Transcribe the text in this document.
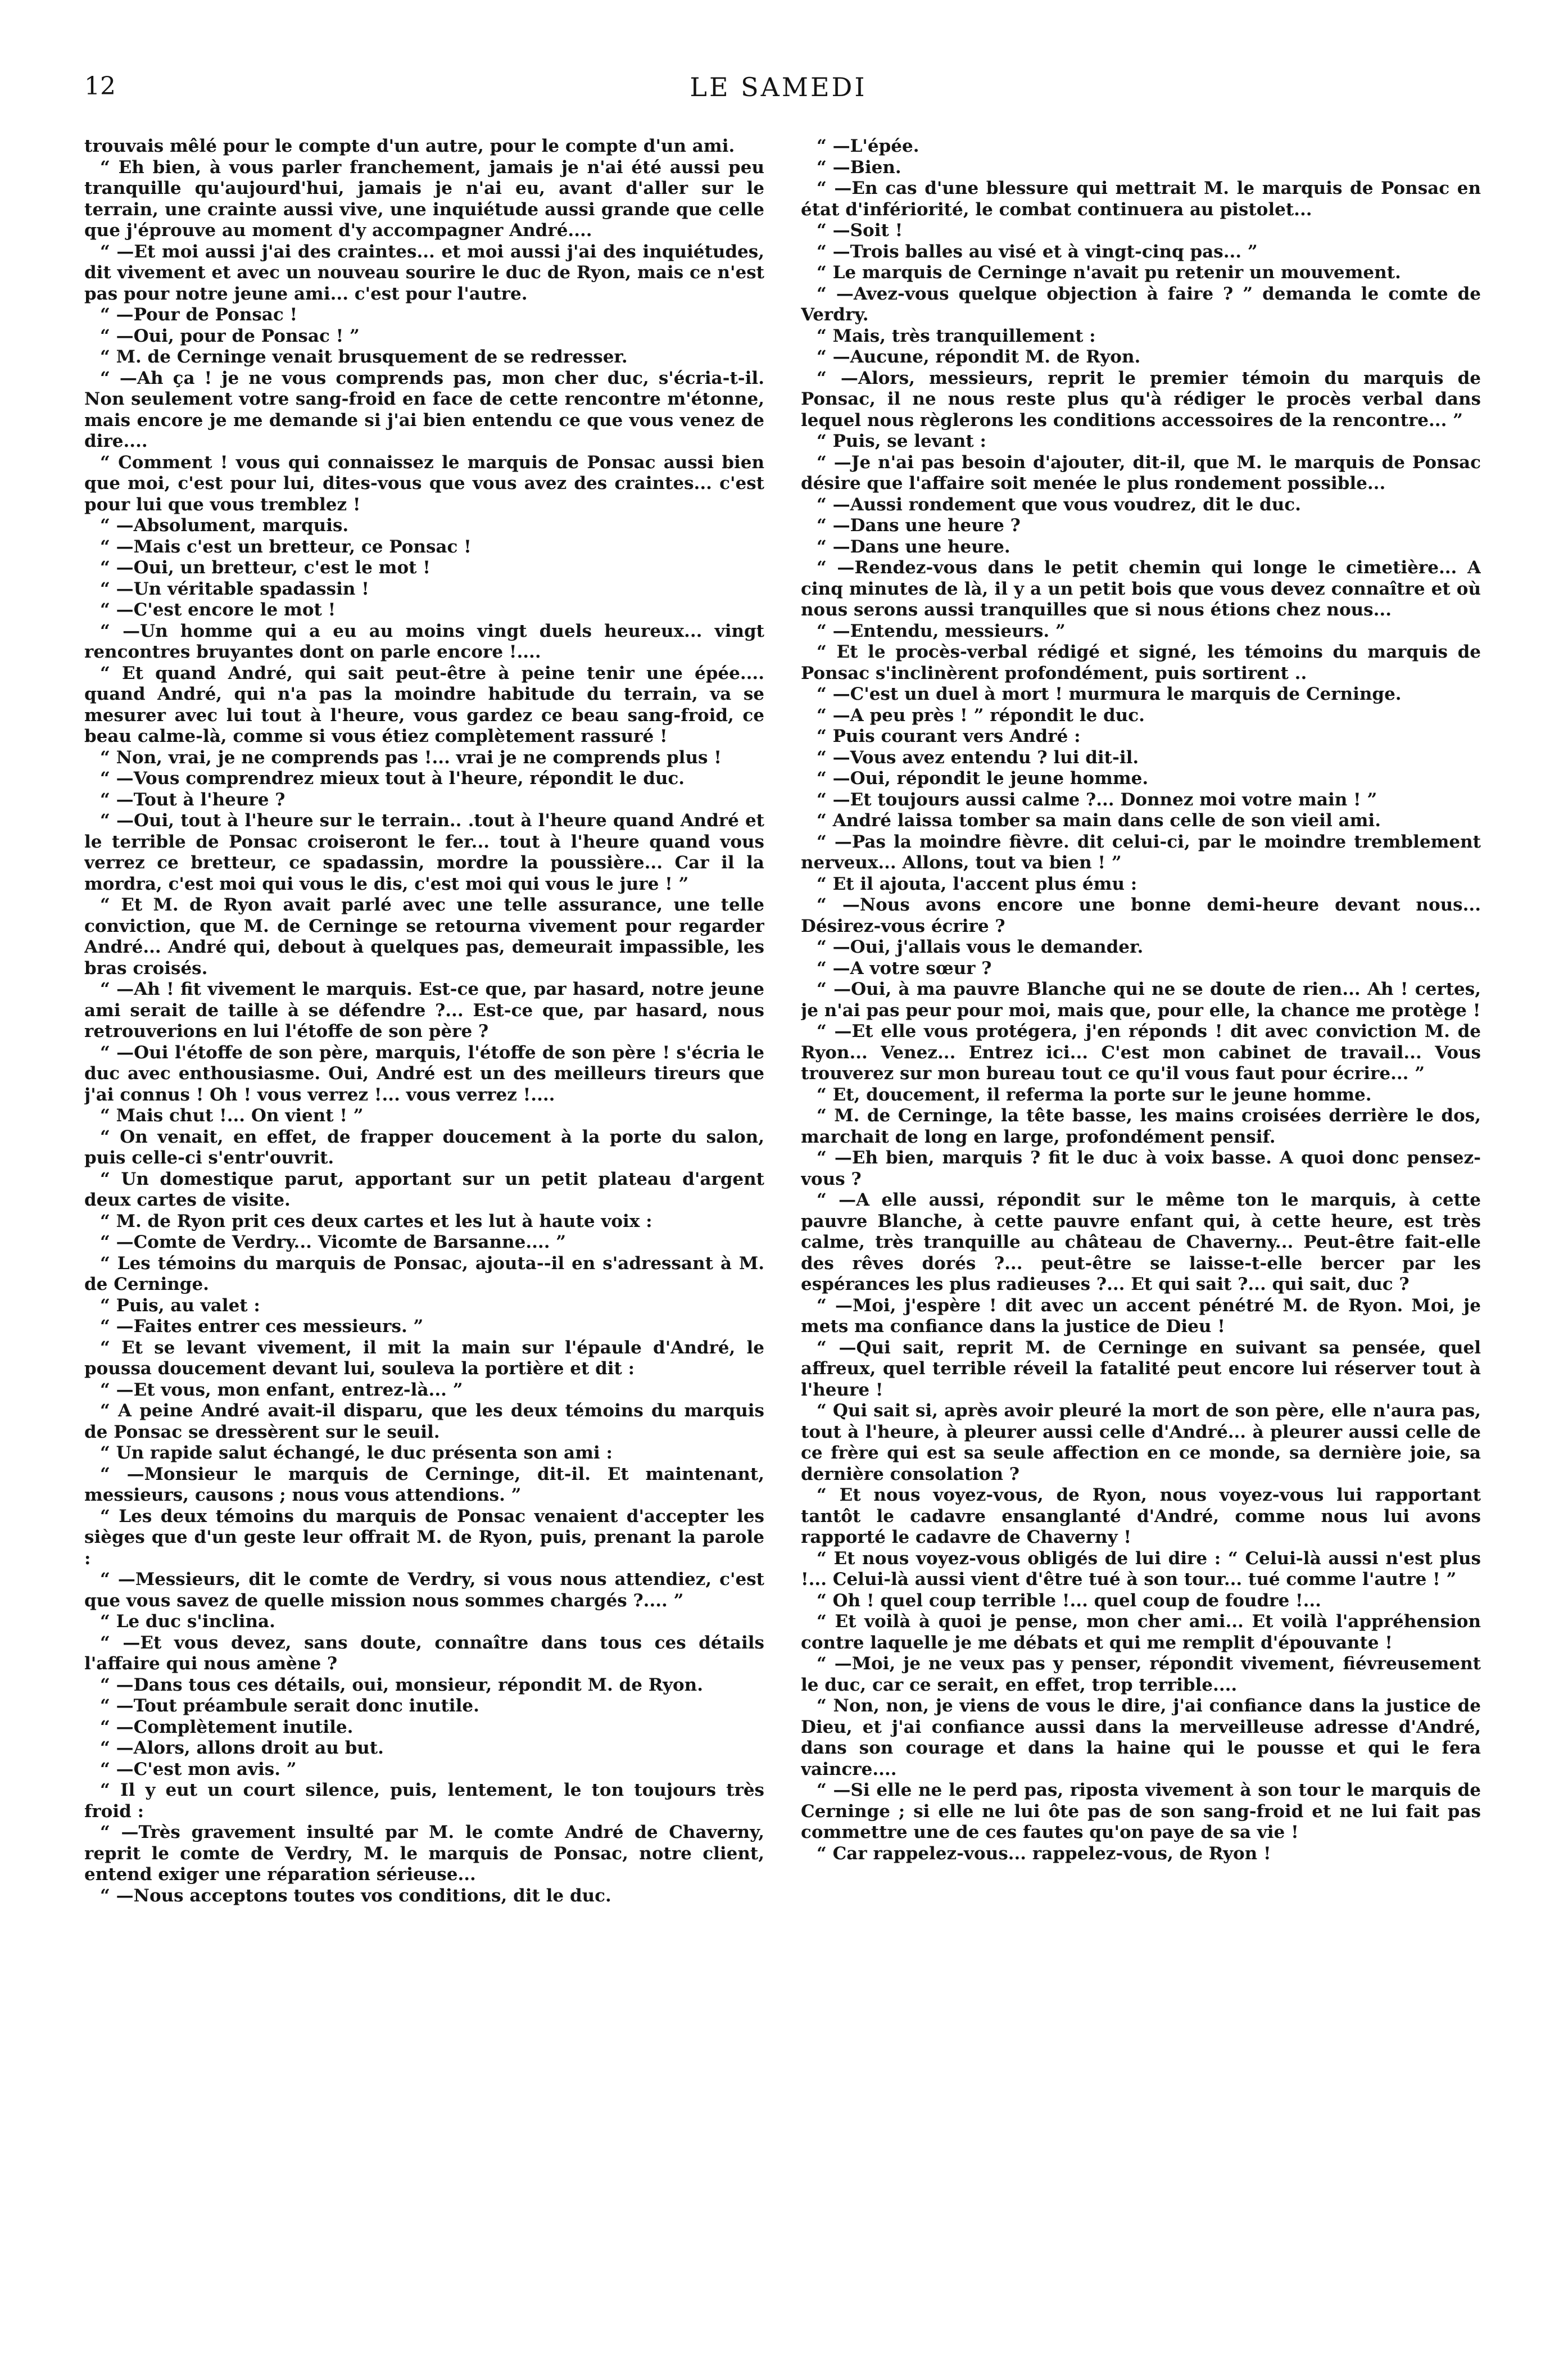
12	LE SAMEDI

trouvais mêlé pour le compte d'un autre, pour le compte d'un ami.

“ Eh bien, à vous parler franchement, jamais je n'ai été aussi peu tranquille qu'aujourd'hui, jamais je n'ai eu, avant d'aller sur le terrain, une crainte aussi vive, une inquiétude aussi grande que celle que j'éprouve au moment d'y accompagner André....

“ —Et moi aussi j'ai des craintes... et moi aussi j'ai des inquiétudes, dit vivement et avec un nouveau sourire le duc de Ryon, mais ce n'est pas pour notre jeune ami... c'est pour l'autre.

“ —Pour de Ponsac !

“ —Oui, pour de Ponsac ! ”

“ M. de Cerninge venait brusquement de se redresser.

“ —Ah ça ! je ne vous comprends pas, mon cher duc, s'écria-t-il. Non seulement votre sang-froid en face de cette rencontre m'étonne, mais encore je me demande si j'ai bien entendu ce que vous venez de dire....

“ Comment ! vous qui connaissez le marquis de Ponsac aussi bien que moi, c'est pour lui, dites-vous que vous avez des craintes... c'est pour lui que vous tremblez !

“ —Absolument, marquis.

“ —Mais c'est un bretteur, ce Ponsac !

“ —Oui, un bretteur, c'est le mot !

“ —Un véritable spadassin !

“ —C'est encore le mot !

“ —Un homme qui a eu au moins vingt duels heureux... vingt rencontres bruyantes dont on parle encore !....

“ Et quand André, qui sait peut-être à peine tenir une épée.... quand André, qui n'a pas la moindre habitude du terrain, va se mesurer avec lui tout à l'heure, vous gardez ce beau sang-froid, ce beau calme-là, comme si vous étiez complètement rassuré !

“ Non, vrai, je ne comprends pas !... vrai je ne comprends plus !

“ —Vous comprendrez mieux tout à l'heure, répondit le duc.

“ —Tout à l'heure ?

“ —Oui, tout à l'heure sur le terrain.. .tout à l'heure quand André et le terrible de Ponsac croiseront le fer... tout à l'heure quand vous verrez ce bretteur, ce spadassin, mordre la poussière... Car il la mordra, c'est moi qui vous le dis, c'est moi qui vous le jure ! ”

“ Et M. de Ryon avait parlé avec une telle assurance, une telle conviction, que M. de Cerninge se retourna vivement pour regarder André... André qui, debout à quelques pas, demeurait impassible, les bras croisés.

“ —Ah ! fit vivement le marquis. Est-ce que, par hasard, notre jeune ami serait de taille à se défendre ?... Est-ce que, par hasard, nous retrouverions en lui l'étoffe de son père ?

“ —Oui l'étoffe de son père, marquis, l'étoffe de son père ! s'écria le duc avec enthousiasme. Oui, André est un des meilleurs tireurs que j'ai connus ! Oh ! vous verrez !... vous verrez !....

“ Mais chut !... On vient ! ”

“ On venait, en effet, de frapper doucement à la porte du salon, puis celle-ci s'entr'ouvrit.

“ Un domestique parut, apportant sur un petit plateau d'argent deux cartes de visite.

“ M. de Ryon prit ces deux cartes et les lut à haute voix :

“ —Comte de Verdry... Vicomte de Barsanne.... ”

“ Les témoins du marquis de Ponsac, ajouta--il en s'adressant à M. de Cerninge.

“ Puis, au valet :

“ —Faites entrer ces messieurs. ”

“ Et se levant vivement, il mit la main sur l'épaule d'André, le poussa doucement devant lui, souleva la portière et dit :

“ —Et vous, mon enfant, entrez-là... ”

“ A peine André avait-il disparu, que les deux témoins du marquis de Ponsac se dressèrent sur le seuil.

“ Un rapide salut échangé, le duc présenta son ami :

“ —Monsieur le marquis de Cerninge, dit-il. Et maintenant, messieurs, causons ; nous vous attendions. ”

“ Les deux témoins du marquis de Ponsac venaient d'accepter les sièges que d'un geste leur offrait M. de Ryon, puis, prenant la parole :

“ —Messieurs, dit le comte de Verdry, si vous nous attendiez, c'est que vous savez de quelle mission nous sommes chargés ?.... ”

“ Le duc s'inclina.

“ —Et vous devez, sans doute, connaître dans tous ces détails l'affaire qui nous amène ?

“ —Dans tous ces détails, oui, monsieur, répondit M. de Ryon.

“ —Tout préambule serait donc inutile.

“ —Complètement inutile.

“ —Alors, allons droit au but.

“ —C'est mon avis. ”

“ Il y eut un court silence, puis, lentement, le ton toujours très froid :

“ —Très gravement insulté par M. le comte André de Chaverny, reprit le comte de Verdry, M. le marquis de Ponsac, notre client, entend exiger une réparation sérieuse...

“ —Nous acceptons toutes vos conditions, dit le duc.

“ —L'épée.

“ —Bien.

“ —En cas d'une blessure qui mettrait M. le marquis de Ponsac en état d'infériorité, le combat continuera au pistolet...

“ —Soit !

“ —Trois balles au visé et à vingt-cinq pas... ”

“ Le marquis de Cerninge n'avait pu retenir un mouvement.

“ —Avez-vous quelque objection à faire ? ” demanda le comte de Verdry.

“ Mais, très tranquillement :

“ —Aucune, répondit M. de Ryon.

“ —Alors, messieurs, reprit le premier témoin du marquis de Ponsac, il ne nous reste plus qu'à rédiger le procès verbal dans lequel nous règlerons les conditions accessoires de la rencontre... ”

“ Puis, se levant :

“ —Je n'ai pas besoin d'ajouter, dit-il, que M. le marquis de Ponsac désire que l'affaire soit menée le plus rondement possible...

“ —Aussi rondement que vous voudrez, dit le duc.

“ —Dans une heure ?

“ —Dans une heure.

“ —Rendez-vous dans le petit chemin qui longe le cimetière... A cinq minutes de là, il y a un petit bois que vous devez connaître et où nous serons aussi tranquilles que si nous étions chez nous...

“ —Entendu, messieurs. ”

“ Et le procès-verbal rédigé et signé, les témoins du marquis de Ponsac s'inclinèrent profondément, puis sortirent ..

“ —C'est un duel à mort ! murmura le marquis de Cerninge.

“ —A peu près ! ” répondit le duc.

“ Puis courant vers André :

“ —Vous avez entendu ? lui dit-il.

“ —Oui, répondit le jeune homme.

“ —Et toujours aussi calme ?... Donnez moi votre main ! ”

“ André laissa tomber sa main dans celle de son vieil ami.

“ —Pas la moindre fièvre. dit celui-ci, par le moindre tremblement nerveux... Allons, tout va bien ! ”

“ Et il ajouta, l'accent plus ému :

“ —Nous avons encore une bonne demi-heure devant nous... Désirez-vous écrire ?

“ —Oui, j'allais vous le demander.

“ —A votre sœur ?

“ —Oui, à ma pauvre Blanche qui ne se doute de rien... Ah ! certes, je n'ai pas peur pour moi, mais que, pour elle, la chance me protège !

“ —Et elle vous protégera, j'en réponds ! dit avec conviction M. de Ryon... Venez... Entrez ici... C'est mon cabinet de travail... Vous trouverez sur mon bureau tout ce qu'il vous faut pour écrire... ”

“ Et, doucement, il referma la porte sur le jeune homme.

“ M. de Cerninge, la tête basse, les mains croisées derrière le dos, marchait de long en large, profondément pensif.

“ —Eh bien, marquis ? fit le duc à voix basse. A quoi donc pensez-vous ?

“ —A elle aussi, répondit sur le même ton le marquis, à cette pauvre Blanche, à cette pauvre enfant qui, à cette heure, est très calme, très tranquille au château de Chaverny... Peut-être fait-elle des rêves dorés ?... peut-être se laisse-t-elle bercer par les espérances les plus radieuses ?... Et qui sait ?... qui sait, duc ?

“ —Moi, j'espère ! dit avec un accent pénétré M. de Ryon. Moi, je mets ma confiance dans la justice de Dieu !

“ —Qui sait, reprit M. de Cerninge en suivant sa pensée, quel affreux, quel terrible réveil la fatalité peut encore lui réserver tout à l'heure !

“ Qui sait si, après avoir pleuré la mort de son père, elle n'aura pas, tout à l'heure, à pleurer aussi celle d'André... à pleurer aussi celle de ce frère qui est sa seule affection en ce monde, sa dernière joie, sa dernière consolation ?

“ Et nous voyez-vous, de Ryon, nous voyez-vous lui rapportant tantôt le cadavre ensanglanté d'André, comme nous lui avons rapporté le cadavre de Chaverny !

“ Et nous voyez-vous obligés de lui dire : “ Celui-là aussi n'est plus !... Celui-là aussi vient d'être tué à son tour... tué comme l'autre ! ”

“ Oh ! quel coup terrible !... quel coup de foudre !...

“ Et voilà à quoi je pense, mon cher ami... Et voilà l'appréhension contre laquelle je me débats et qui me remplit d'épouvante !

“ —Moi, je ne veux pas y penser, répondit vivement, fiévreusement le duc, car ce serait, en effet, trop terrible....

“ Non, non, je viens de vous le dire, j'ai confiance dans la justice de Dieu, et j'ai confiance aussi dans la merveilleuse adresse d'André, dans son courage et dans la haine qui le pousse et qui le fera vaincre....

“ —Si elle ne le perd pas, riposta vivement à son tour le marquis de Cerninge ; si elle ne lui ôte pas de son sang-froid et ne lui fait pas commettre une de ces fautes qu'on paye de sa vie !

“ Car rappelez-vous... rappelez-vous, de Ryon !
